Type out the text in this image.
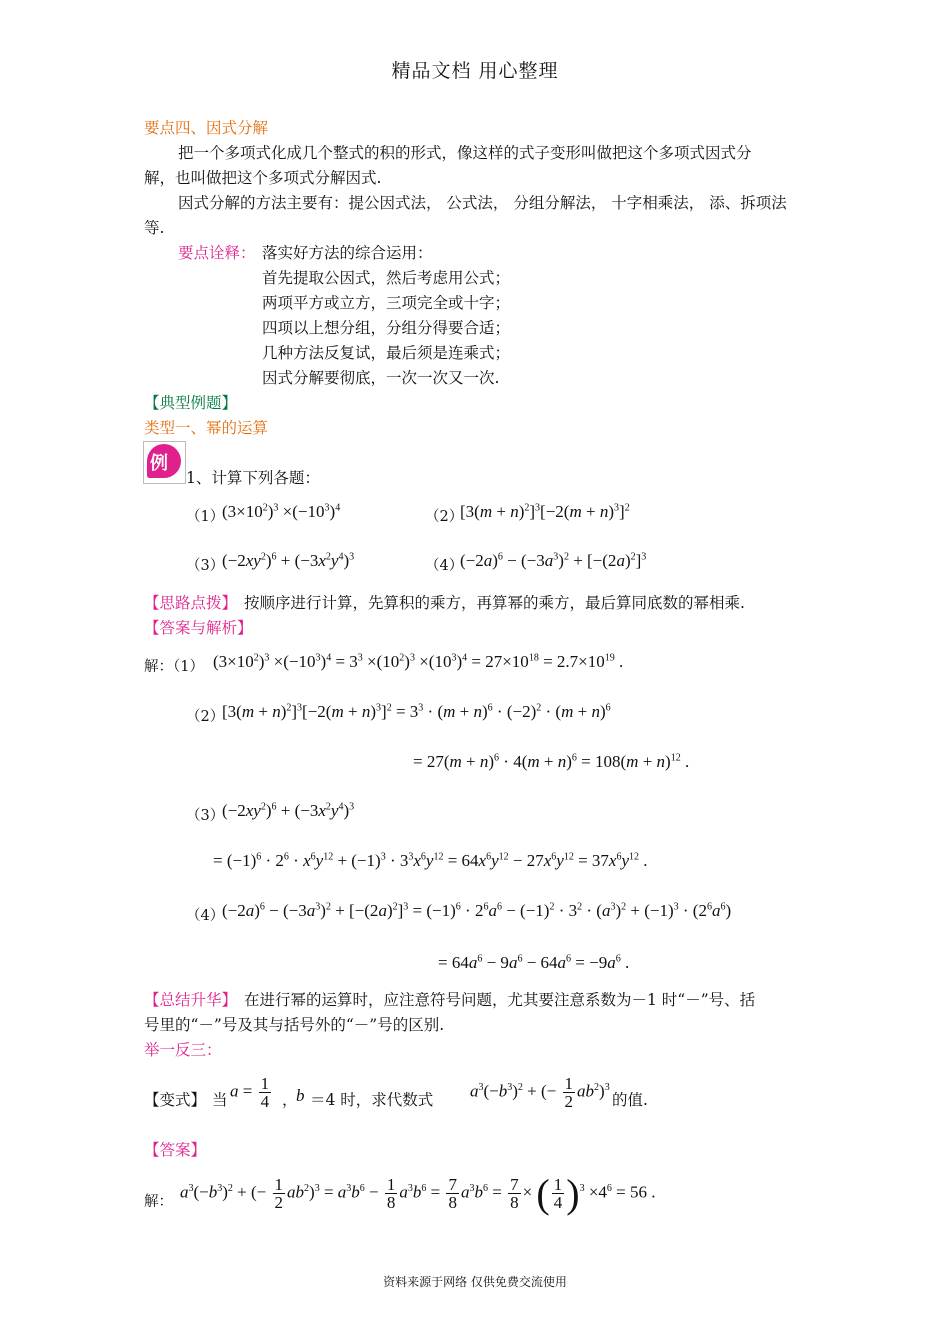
精品文档 用心整理
要点四、因式分解
把一个多项式化成几个整式的积的形式，像这样的式子变形叫做把这个多项式因式分
解，也叫做把这个多项式分解因式.
因式分解的方法主要有：提公因式法， 公式法， 分组分解法， 十字相乘法， 添、拆项法
等.
要点诠释： 落实好方法的综合运用：
首先提取公因式，然后考虑用公式；
两项平方或立方，三项完全或十字；
四项以上想分组，分组分得要合适；
几种方法反复试，最后须是连乘式；
因式分解要彻底，一次一次又一次.
【典型例题】
类型一、幂的运算
例
1、计算下列各题：
（1）
$(3\times 10^2)^3 \times(-10^3)^4$
（2）
$[3(m + n)^2]^3[-2(m + n)^3]^2$
（3）
$(-2xy^2)^6 + (-3x^2y^4)^3$
（4）
$(-2a)^6 - (-3a^3)^2 + [-(2a)^2]^3$
【思路点拨】 按顺序进行计算，先算积的乘方，再算幂的乘方，最后算同底数的幂相乘.
【答案与解析】
解：（1） $(3\times 10^2)^3 \times(-10^3)^4 = 3^3 \times(10^2)^3 \times(10^3)^4 = 27\times 10^{18} = 2.7\times 10^{19}$ .
（2）
$[3(m + n)^2]^3[-2(m + n)^3]^2 = 3^3 \cdot (m + n)^6 \cdot (-2)^2 \cdot (m + n)^6$
= $27(m + n)^6 \cdot 4(m + n)^6 = 108(m + n)^{12}$ .
（3）
$(-2xy^2)^6 + (-3x^2y^4)^3$
= $(-1)^6 \cdot 2^6 \cdot x^6y^{12} + (-1)^3 \cdot 3^3x^6y^{12} = 64x^6y^{12} - 27x^6y^{12} = 37x^6y^{12}$ .
（4）
$(-2a)^6 - (-3a^3)^2 + [-(2a)^2]^3 = (-1)^6 \cdot 2^6a^6 - (-1)^2 \cdot 3^2 \cdot (a^3)^2 + (-1)^3 \cdot (2^6a^6)$
= $64a^6 - 9a^6 - 64a^6 = -9a^6$ .
【总结升华】 在进行幂的运算时，应注意符号问题，尤其要注意系数为－1 时“－”号、括
号里的“－”号及其与括号外的“－”号的区别.
举一反三：
【变式】 当 $a = \frac{1}{4}$ ，
b ＝4 时，求代数式 $a^3(-b^3)^2$ + (− $\frac{1}{2} ab^2)^3$
的值.
【答案】
解：
$a^3(-b^3)^2$ + (− $\frac{1}{2} ab^2)^3 = a^3b^6 - \frac{1}{8} a^3b^6 = \frac{7}{8} a^3b^6 = \frac{7}{8}$ × ( $\frac{1}{4} )^3 \times 4^6 = 56$ .
资料来源于网络 仅供免费交流使用
